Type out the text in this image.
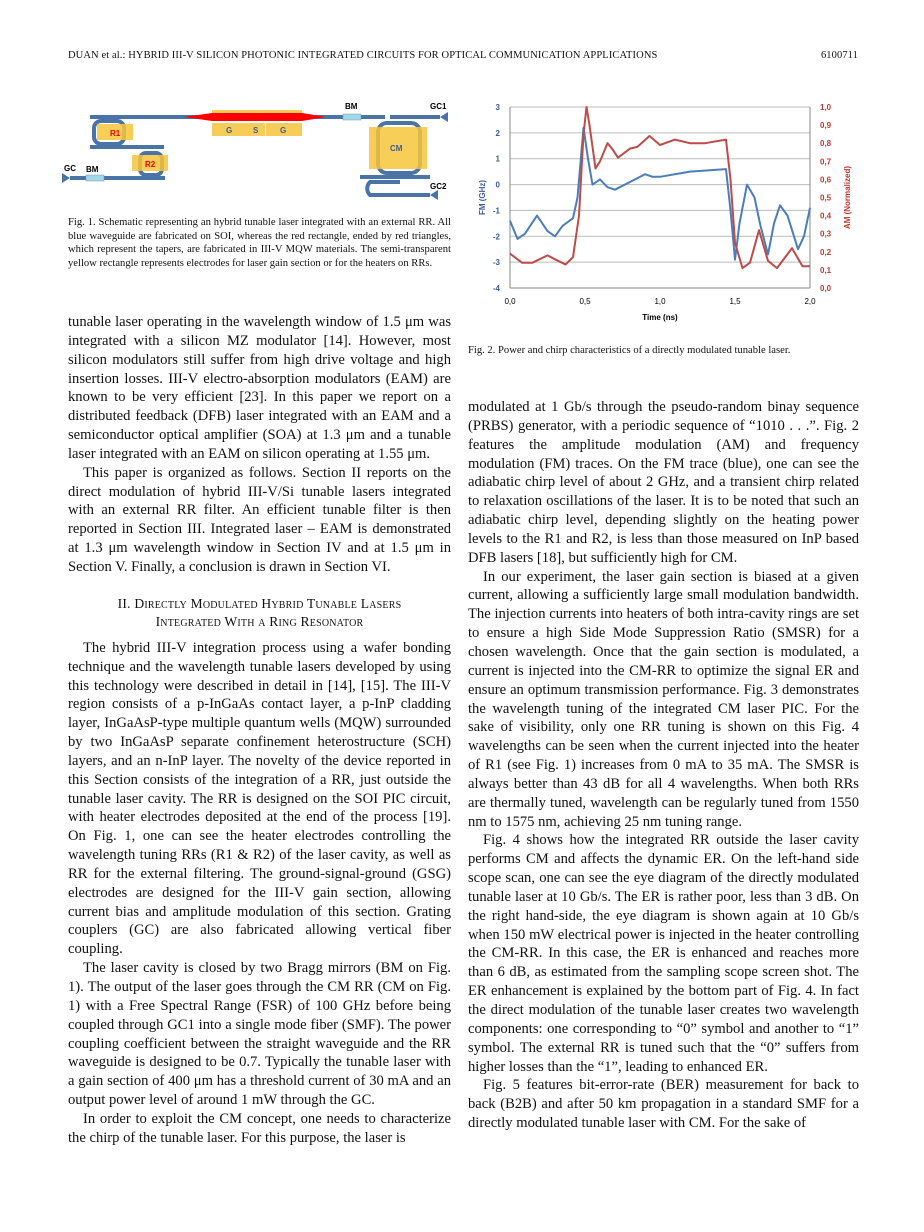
DUAN et al.: HYBRID III-V SILICON PHOTONIC INTEGRATED CIRCUITS FOR OPTICAL COMMUNICATION APPLICATIONS	6100711
BM	GC1
R1
R2
G	S	G
CM
GC BM
GC2
Fig. 1. Schematic representing an hybrid tunable laser integrated with an external RR. All blue waveguide are fabricated on SOI, whereas the red rectangle, ended by red triangles, which represent the tapers, are fabricated in III-V MQW materials. The semi-transparent yellow rectangle represents electrodes for laser gain section or for the heaters on RRs.
3
2
1
0
-1
-2
-3
-4
1,0
0,9
0,8
0,7
0,6
0,5
0,4
0,3
0,2
0,1
0,0
0,0	0,5	1,0	1,5	2,0
Time (ns)
FM (GHz)	AM (Normalized)
Fig. 2. Power and chirp characteristics of a directly modulated tunable laser.

tunable laser operating in the wavelength window of 1.5 μm was integrated with a silicon MZ modulator [14]. However, most silicon modulators still suffer from high drive voltage and high insertion losses. III-V electro-absorption modulators (EAM) are known to be very efficient [23]. In this paper we report on a distributed feedback (DFB) laser integrated with an EAM and a semiconductor optical amplifier (SOA) at 1.3 μm and a tunable laser integrated with an EAM on silicon operating at 1.55 μm.

This paper is organized as follows. Section II reports on the direct modulation of hybrid III-V/Si tunable lasers integrated with an external RR filter. An efficient tunable filter is then reported in Section III. Integrated laser – EAM is demonstrated at 1.3 μm wavelength window in Section IV and at 1.5 μm in Section V. Finally, a conclusion is drawn in Section VI.

II. Directly Modulated Hybrid Tunable Lasers
Integrated With a Ring Resonator

The hybrid III-V integration process using a wafer bonding technique and the wavelength tunable lasers developed by using this technology were described in detail in [14], [15]. The III-V region consists of a p-InGaAs contact layer, a p-InP cladding layer, InGaAsP-type multiple quantum wells (MQW) surrounded by two InGaAsP separate confinement heterostructure (SCH) layers, and an n-InP layer. The novelty of the device reported in this Section consists of the integration of a RR, just outside the tunable laser cavity. The RR is designed on the SOI PIC circuit, with heater electrodes deposited at the end of the process [19]. On Fig. 1, one can see the heater electrodes controlling the wavelength tuning RRs (R1 & R2) of the laser cavity, as well as RR for the external filtering. The ground-signal-ground (GSG) electrodes are designed for the III-V gain section, allowing current bias and amplitude modulation of this section. Grating couplers (GC) are also fabricated allowing vertical fiber coupling.

The laser cavity is closed by two Bragg mirrors (BM on Fig. 1). The output of the laser goes through the CM RR (CM on Fig. 1) with a Free Spectral Range (FSR) of 100 GHz before being coupled through GC1 into a single mode fiber (SMF). The power coupling coefficient between the straight waveguide and the RR waveguide is designed to be 0.7. Typically the tunable laser with a gain section of 400 μm has a threshold current of 30 mA and an output power level of around 1 mW through the GC.

In order to exploit the CM concept, one needs to characterize the chirp of the tunable laser. For this purpose, the laser is

modulated at 1 Gb/s through the pseudo-random binay sequence (PRBS) generator, with a periodic sequence of “1010 . . .”. Fig. 2 features the amplitude modulation (AM) and frequency modulation (FM) traces. On the FM trace (blue), one can see the adiabatic chirp level of about 2 GHz, and a transient chirp related to relaxation oscillations of the laser. It is to be noted that such an adiabatic chirp level, depending slightly on the heating power levels to the R1 and R2, is less than those measured on InP based DFB lasers [18], but sufficiently high for CM.

In our experiment, the laser gain section is biased at a given current, allowing a sufficiently large small modulation bandwidth. The injection currents into heaters of both intra-cavity rings are set to ensure a high Side Mode Suppression Ratio (SMSR) for a chosen wavelength. Once that the gain section is modulated, a current is injected into the CM-RR to optimize the signal ER and ensure an optimum transmission performance. Fig. 3 demonstrates the wavelength tuning of the integrated CM laser PIC. For the sake of visibility, only one RR tuning is shown on this Fig. 4 wavelengths can be seen when the current injected into the heater of R1 (see Fig. 1) increases from 0 mA to 35 mA. The SMSR is always better than 43 dB for all 4 wavelengths. When both RRs are thermally tuned, wavelength can be regularly tuned from 1550 nm to 1575 nm, achieving 25 nm tuning range.

Fig. 4 shows how the integrated RR outside the laser cavity performs CM and affects the dynamic ER. On the left-hand side scope scan, one can see the eye diagram of the directly modulated tunable laser at 10 Gb/s. The ER is rather poor, less than 3 dB. On the right hand-side, the eye diagram is shown again at 10 Gb/s when 150 mW electrical power is injected in the heater controlling the CM-RR. In this case, the ER is enhanced and reaches more than 6 dB, as estimated from the sampling scope screen shot. The ER enhancement is explained by the bottom part of Fig. 4. In fact the direct modulation of the tunable laser creates two wavelength components: one corresponding to “0” symbol and another to “1” symbol. The external RR is tuned such that the “0” suffers from higher losses than the “1”, leading to enhanced ER.

Fig. 5 features bit-error-rate (BER) measurement for back to back (B2B) and after 50 km propagation in a standard SMF for a directly modulated tunable laser with CM. For the sake of
